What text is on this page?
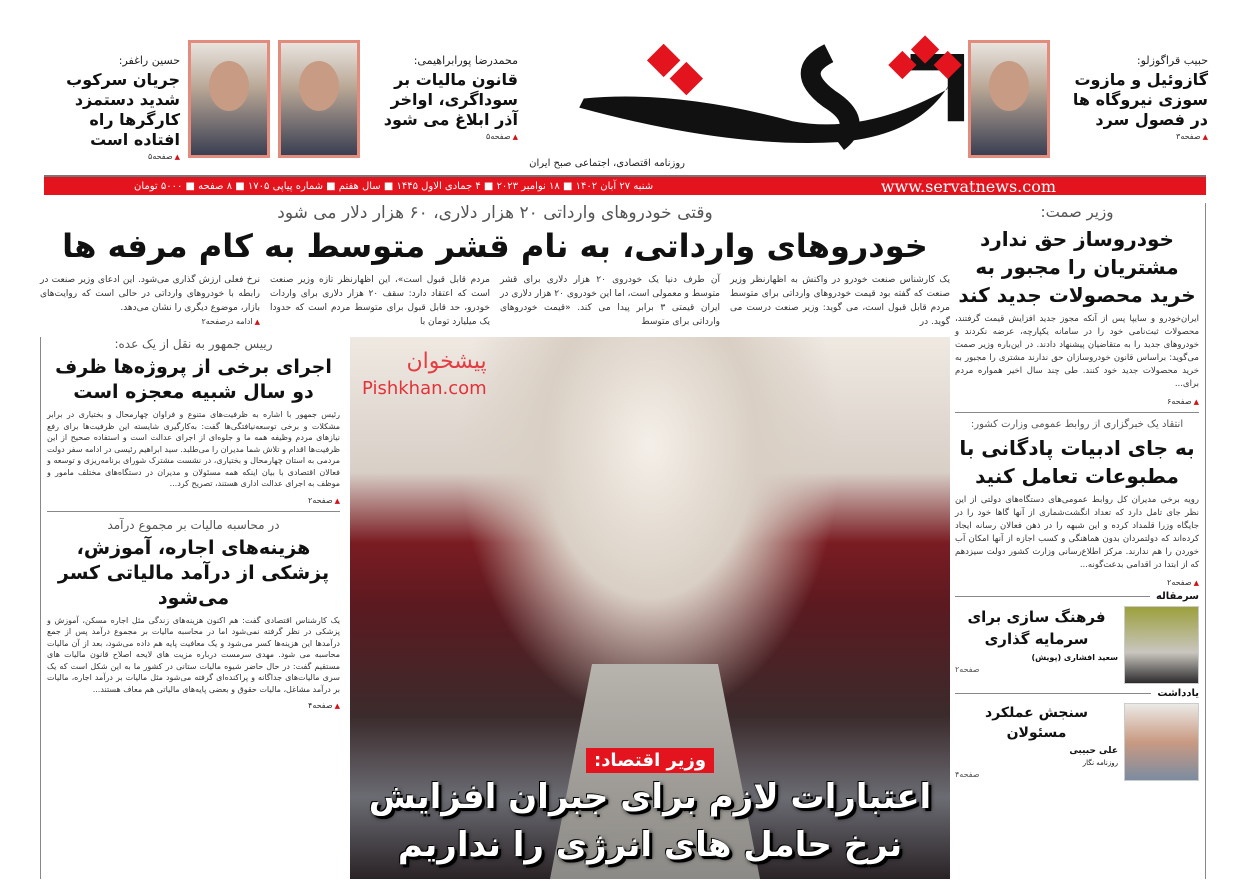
حبیب قراگوزلو:
گازوئیل و مازوت سوزی نیروگاه ها در فصول سرد
▲ صفحه۳
محمدرضا پورابراهیمی:
قانون مالیات بر سوداگری، اواخر آذر ابلاغ می شود
▲ صفحه۵
حسین راغفر:
جریان سرکوب شدید دستمزد کارگرها راه افتاده است
▲ صفحه۵
روزنامه اقتصادی، اجتماعی صبح ایران
www.servatnews.com
شنبه ۲۷ آبان ۱۴۰۲ ■ ۱۸ نوامبر ۲۰۲۳ ■ ۴ جمادی الاول ۱۴۴۵ ■ سال هفتم ■ شماره پیاپی ۱۷۰۵ ■ ۸ صفحه ■ ۵۰۰۰ تومان
وقتی خودروهای وارداتی ۲۰ هزار دلاری، ۶۰ هزار دلار می شود
خودروهای وارداتی، به نام قشر متوسط به کام مرفه ها
یک کارشناس صنعت خودرو در واکنش به اظهارنظر وزیر صنعت که گفته بود قیمت خودروهای وارداتی برای متوسط مردم قابل قبول است، می گوید: وزیر صنعت درست می گوید. در
آن طرف دنیا یک خودروی ۲۰ هزار دلاری برای قشر متوسط و معمولی است، اما این خودروی ۲۰ هزار دلاری در ایران قیمتی ۳ برابر پیدا می کند. «قیمت خودروهای وارداتی برای متوسط
مردم قابل قبول است»، این اظهارنظر تازه وزیر صنعت است که اعتقاد دارد: سقف ۲۰ هزار دلاری برای واردات خودرو، حد قابل قبول برای متوسط مردم است که حدودا یک میلیارد تومان با
نرخ فعلی ارزش گذاری می‌شود. این ادعای وزیر صنعت در رابطه با خودروهای وارداتی در حالی است که روایت‌های بازار، موضوع دیگری را نشان می‌دهد.
▲ ادامه درصفحه۲
پیشخوان
Pishkhan.com
وزیر اقتصاد:
اعتبارات لازم برای جبران افزایش نرخ حامل های انرژی را نداریم
رییس جمهور به نقل از یک عده:
اجرای برخی از پروژه‌ها ظرف دو سال شبیه معجزه است
رئیس جمهور با اشاره به ظرفیت‌های متنوع و فراوان چهارمحال و بختیاری در برابر مشکلات و برخی توسعه‌نیافتگی‌ها گفت: به‌کارگیری شایسته این ظرفیت‌ها برای رفع نیازهای مردم وظیفه همه ما و جلوه‌ای از اجرای عدالت است و استفاده صحیح از این ظرفیت‌ها اقدام و تلاش شما مدیران را می‌طلبد. سید ابراهیم رئیسی در ادامه سفر دولت مردمی به استان چهارمحال و بختیاری، در نشست مشترک شورای برنامه‌ریزی و توسعه و فعالان اقتصادی با بیان اینکه همه مسئولان و مدیران در دستگاه‌های مختلف مامور و موظف به اجرای عدالت اداری هستند، تصریح کرد...
▲ صفحه۲
در محاسبه مالیات بر مجموع درآمد
هزینه‌های اجاره، آموزش، پزشکی از درآمد مالیاتی کسر می‌شود
یک کارشناس اقتصادی گفت: هم اکنون هزینه‌های زندگی مثل اجاره مسکن، آموزش و پزشکی در نظر گرفته نمی‌شود اما در محاسبه مالیات بر مجموع درآمد پس از جمع درآمدها این هزینه‌ها کسر می‌شود و یک معافیت پایه هم داده می‌شود، بعد از آن مالیات محاسبه می شود. مهدی سرمست درباره مزیت های لایحه اصلاح قانون مالیات های مستقیم گفت: در حال حاضر شیوه مالیات ستانی در کشور ما به این شکل است که یک سری مالیات‌های جداگانه و پراکنده‌ای گرفته می‌شود مثل مالیات بر درآمد اجاره، مالیات بر درآمد مشاغل، مالیات حقوق و بعضی پایه‌های مالیاتی هم معاف هستند...
▲ صفحه۴
وزیر صمت:
خودروساز حق ندارد مشتریان را مجبور به خرید محصولات جدید کند
ایران‌خودرو و سایپا پس از آنکه مجوز جدید افزایش قیمت گرفتند، محصولات ثبت‌نامی خود را در سامانه یکپارچه، عرضه نکردند و خودروهای جدید را به متقاضیان پیشنهاد دادند. در این‌باره وزیر صمت می‌گوید: براساس قانون خودروسازان حق ندارند مشتری را مجبور به خرید محصولات جدید خود کنند. طی چند سال اخیر همواره مردم برای...
▲ صفحه۶
انتقاد یک خبرگزاری از روابط عمومی وزارت کشور:
به جای ادبیات پادگانی با مطبوعات تعامل کنید
رویه برخی مدیران کل روابط عمومی‌های دستگاه‌های دولتی از این نظر جای تامل دارد که تعداد انگشت‌شماری از آنها گاها خود را در جایگاه وزرا قلمداد کرده و این شبهه را در ذهن فعالان رسانه ایجاد کرده‌اند که دولتمردان بدون هماهنگی و کسب اجازه از آنها امکان آب خوردن را هم ندارند. مرکز اطلاع‌رسانی وزارت کشور دولت سیزدهم که از ابتدا در اقدامی بدعت‌گونه...
▲ صفحه۲
سرمقاله
فرهنگ سازی برای سرمایه گذاری
سعید افشاری (پویش)
صفحه۲
یادداشت
سنجش عملکرد مسئولان
علی حبیبی
روزنامه نگار
صفحه۴
